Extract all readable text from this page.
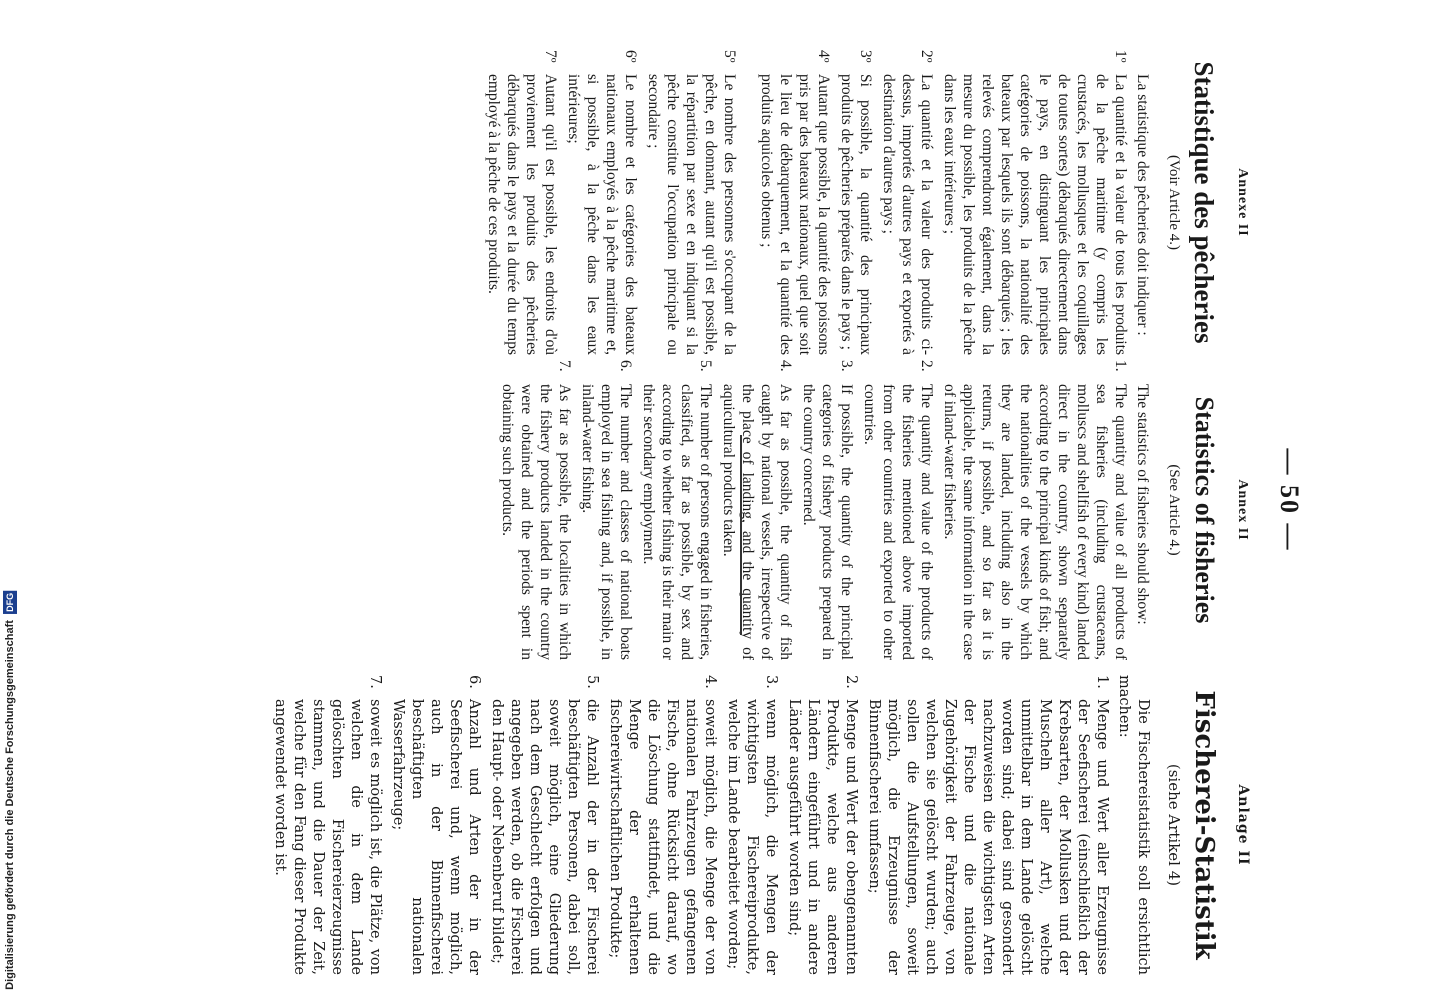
Digitalisierung gefördert durch die Deutsche Forschungsgemeinschaft DFG
— 50 —
Annexe II
Statistique des pêcheries
(Voir Article 4.)

La statistique des pêcheries doit indiquer :

1º
La quantité et la valeur de tous les produits de la pêche maritime (y compris les crustacés, les mollusques et les coquillages de toutes sortes) débarqués directement dans le pays, en distinguant les principales catégories de poissons, la nationalité des bateaux par lesquels ils sont débarqués ; les relevés comprendront également, dans la mesure du possible, les produits de la pêche dans les eaux intérieures ;
2º
La quantité et la valeur des produits ci-dessus, importés d'autres pays et exportés à destination d'autres pays ;
3º
Si possible, la quantité des principaux produits de pêcheries préparés dans le pays ;
4º
Autant que possible, la quantité des poissons pris par des bateaux nationaux, quel que soit le lieu de débarquement, et la quantité des produits aquicoles obtenus ;
5º
Le nombre des personnes s'occupant de la pêche, en donnant, autant qu'il est possible, la répartition par sexe et en indiquant si la pêche constitue l'occupation principale ou secondaire ;
6º
Le nombre et les catégories des bateaux nationaux employés à la pêche maritime et, si possible, à la pêche dans les eaux intérieures;
7º
Autant qu'il est possible, les endroits d'où proviennent les produits des pêcheries débarqués dans le pays et la durée du temps employé à la pêche de ces produits.
Annex II
Statistics of fisheries
(See Article 4.)

The statistics of fisheries should show:

1.
The quantity and value of all products of sea fisheries (including crustaceans, molluscs and shellfish of every kind) landed direct in the country, shown separately according to the principal kinds of fish; and the nationalities of the vessels by which they are landed, including also in the returns, if possible, and so far as it is applicable, the same information in the case of inland-water fisheries.
2.
The quantity and value of the products of the fisheries mentioned above imported from other countries and exported to other countries.
3.
If possible, the quantity of the principal categories of fishery products prepared in the country concerned.
4.
As far as possible, the quantity of fish caught by national vessels, irrespective of the place of landing, and the quantity of aquicultural products taken.
5.
The number of persons engaged in fisheries, classified, as far as possible, by sex and according to whether fishing is their main or their secondary employment.
6.
The number and classes of national boats employed in sea fishing and, if possible, in inland-water fishing.
7.
As far as possible, the localities in which the fishery products landed in the country were obtained and the periods spent in obtaining such products.
Anlage II
Fischerei-Statistik
(siehe Artikel 4)

Die Fischereistatistik soll ersichtlich machen:

1.
Menge und Wert aller Erzeugnisse der Seefischerei (einschließlich der Krebsarten, der Mollusken und der Muscheln aller Art), welche unmittelbar in dem Lande gelöscht worden sind; dabei sind gesondert nachzuweisen die wichtigsten Arten der Fische und die nationale Zugehörigkeit der Fahrzeuge, von welchen sie gelöscht wurden; auch sollen die Aufstellungen, soweit möglich, die Erzeugnisse der Binnenfischerei umfassen;
2.
Menge und Wert der obengenannten Produkte, welche aus anderen Ländern eingeführt und in andere Länder ausgeführt worden sind;
3.
wenn möglich, die Mengen der wichtigsten Fischereiprodukte, welche im Lande bearbeitet worden;
4.
soweit möglich, die Menge der von nationalen Fahrzeugen gefangenen Fische, ohne Rücksicht darauf, wo die Löschung stattfindet, und die Menge der erhaltenen fischereiwirtschaftlichen Produkte;
5.
die Anzahl der in der Fischerei beschäftigten Personen, dabei soll, soweit möglich, eine Gliederung nach dem Geschlecht erfolgen und angegeben werden, ob die Fischerei den Haupt- oder Nebenberuf bildet;
6.
Anzahl und Arten der in der Seefischerei und, wenn möglich, auch in der Binnenfischerei beschäftigten nationalen Wasserfahrzeuge;
7.
soweit es möglich ist, die Plätze, von welchen die in dem Lande gelöschten Fischereierzeugnisse stammen, und die Dauer der Zeit, welche für den Fang dieser Produkte angewendet worden ist.
